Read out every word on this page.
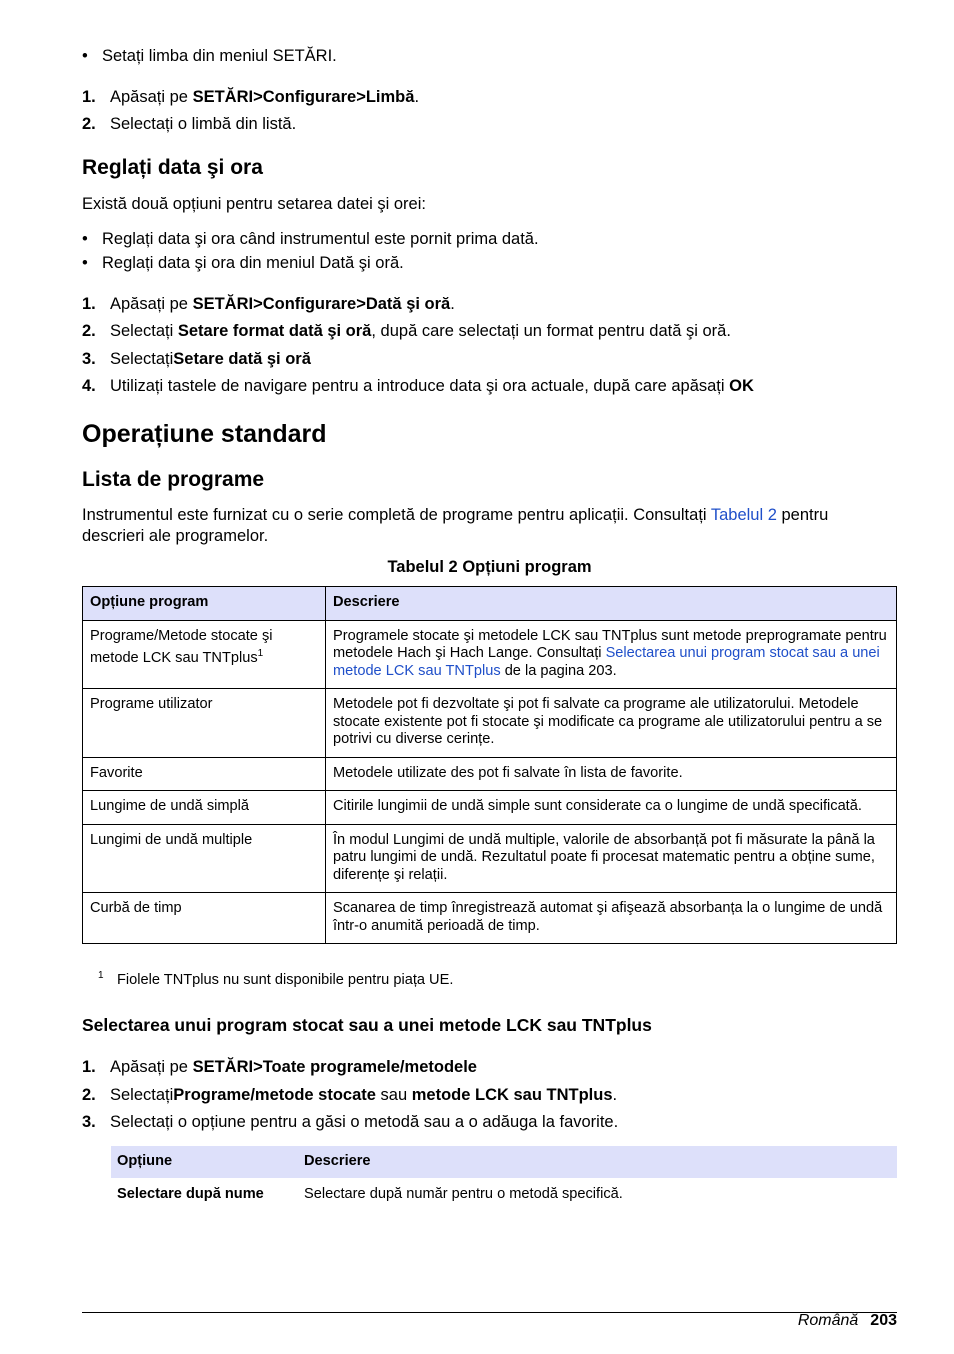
• Setați limba din meniul SETĂRI.
1. Apăsați pe SETĂRI>Configurare>Limbă.
2. Selectați o limbă din listă.
Reglați data şi ora
Există două opțiuni pentru setarea datei şi orei:
• Reglați data şi ora când instrumentul este pornit prima dată.
• Reglați data şi ora din meniul Dată şi oră.
1. Apăsați pe SETĂRI>Configurare>Dată şi oră.
2. Selectați Setare format dată şi oră, după care selectați un format pentru dată şi oră.
3. SelectațiSetare dată şi oră
4. Utilizați tastele de navigare pentru a introduce data şi ora actuale, după care apăsați OK
Operațiune standard
Lista de programe
Instrumentul este furnizat cu o serie completă de programe pentru aplicații. Consultați Tabelul 2 pentru descrieri ale programelor.
Tabelul 2 Opțiuni program
Opțiune program	Descriere
Programe/Metode stocate şi metode LCK sau TNTplus$^1$	Programele stocate şi metodele LCK sau TNTplus sunt metode preprogramate pentru metodele Hach şi Hach Lange. Consultați Selectarea unui program stocat sau a unei metode LCK sau TNTplus de la pagina 203.
Programe utilizator	Metodele pot fi dezvoltate şi pot fi salvate ca programe ale utilizatorului. Metodele stocate existente pot fi stocate şi modificate ca programe ale utilizatorului pentru a se potrivi cu diverse cerințe.
Favorite	Metodele utilizate des pot fi salvate în lista de favorite.
Lungime de undă simplă	Citirile lungimii de undă simple sunt considerate ca o lungime de undă specificată.
Lungimi de undă multiple	În modul Lungimi de undă multiple, valorile de absorbanță pot fi măsurate la până la patru lungimi de undă. Rezultatul poate fi procesat matematic pentru a obține sume, diferențe şi relații.
Curbă de timp	Scanarea de timp înregistrează automat şi afişează absorbanța la o lungime de undă într-o anumită perioadă de timp.
1 Fiolele TNTplus nu sunt disponibile pentru piața UE.
Selectarea unui program stocat sau a unei metode LCK sau TNTplus
1. Apăsați pe SETĂRI>Toate programele/metodele
2. SelectațiPrograme/metode stocate sau metode LCK sau TNTplus.
3. Selectați o opțiune pentru a găsi o metodă sau a o adăuga la favorite.
Opțiune	Descriere
Selectare după nume	Selectare după număr pentru o metodă specifică.
Română 203
